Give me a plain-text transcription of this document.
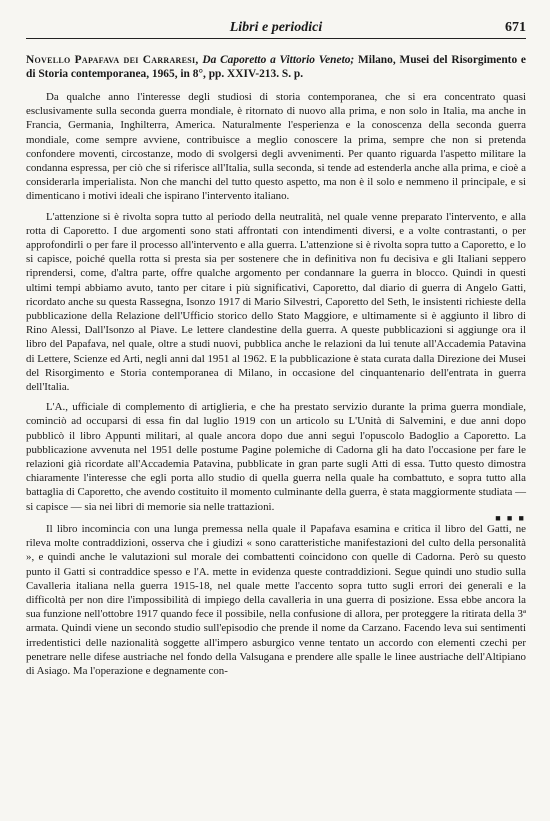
Libri e periodici	671
Novello Papafava dei Carraresi, Da Caporetto a Vittorio Veneto; Milano, Musei del Risorgimento e di Storia contemporanea, 1965, in 8°, pp. XXIV-213. S. p.

Da qualche anno l'interesse degli studiosi di storia contemporanea, che si era concentrato quasi esclusivamente sulla seconda guerra mondiale, è ritornato di nuovo alla prima, e non solo in Italia, ma anche in Francia, Germania, Inghilterra, America. Naturalmente l'esperienza e la conoscenza della seconda guerra mondiale, come sempre avviene, contribuisce a meglio conoscere la prima, sempre che non si pretenda confondere moventi, circostanze, modo di svolgersi degli avvenimenti. Per quanto riguarda l'aspetto militare la condanna espressa, per ciò che si riferisce all'Italia, sulla seconda, si tende ad estenderla anche alla prima, e cioè a considerarla imperialista. Non che manchi del tutto questo aspetto, ma non è il solo e nemmeno il principale, e si dimenticano i motivi ideali che ispirano l'intervento italiano.

L'attenzione si è rivolta sopra tutto al periodo della neutralità, nel quale venne preparato l'intervento, e alla rotta di Caporetto. I due argomenti sono stati affrontati con intendimenti diversi, e a volte contrastanti, o per approfondirli o per fare il processo all'intervento e alla guerra. L'attenzione si è rivolta sopra tutto a Caporetto, e lo si capisce, poiché quella rotta si presta sia per sostenere che in definitiva non fu decisiva e gli Italiani seppero riprendersi, come, d'altra parte, offre qualche argomento per condannare la guerra in blocco. Quindi in questi ultimi tempi abbiamo avuto, tanto per citare i più significativi, Caporetto, dal diario di guerra di Angelo Gatti, ricordato anche su questa Rassegna, Isonzo 1917 di Mario Silvestri, Caporetto del Seth, le insistenti richieste della pubblicazione della Relazione dell'Ufficio storico dello Stato Maggiore, e ultimamente si è aggiunto il libro di Rino Alessi, Dall'Isonzo al Piave. Le lettere clandestine della guerra. A queste pubblicazioni si aggiunge ora il libro del Papafava, nel quale, oltre a studi nuovi, pubblica anche le relazioni da lui tenute all'Accademia Patavina di Lettere, Scienze ed Arti, negli anni dal 1951 al 1962. E la pubblicazione è stata curata dalla Direzione dei Musei del Risorgimento e Storia contemporanea di Milano, in occasione del cinquantenario dell'entrata in guerra dell'Italia.

L'A., ufficiale di complemento di artiglieria, e che ha prestato servizio durante la prima guerra mondiale, cominciò ad occuparsi di essa fin dal luglio 1919 con un articolo su L'Unità di Salvemini, e due anni dopo pubblicò il libro Appunti militari, al quale ancora dopo due anni seguì l'opuscolo Badoglio a Caporetto. La pubblicazione avvenuta nel 1951 delle postume Pagine polemiche di Cadorna gli ha dato l'occasione per fare le relazioni già ricordate all'Accademia Patavina, pubblicate in gran parte sugli Atti di essa. Tutto questo dimostra chiaramente l'interesse che egli porta allo studio di quella guerra nella quale ha combattuto, e sopra tutto alla battaglia di Caporetto, che avendo costituito il momento culminante della guerra, è stata maggiormente studiata — si capisce — sia nei libri di memorie sia nelle trattazioni.

■ ■ ■

Il libro incomincia con una lunga premessa nella quale il Papafava esamina e critica il libro del Gatti, ne rileva molte contraddizioni, osserva che i giudizi « sono caratteristiche manifestazioni del culto della personalità », e quindi anche le valutazioni sul morale dei combattenti coincidono con quelle di Cadorna. Però su questo punto il Gatti si contraddice spesso e l'A. mette in evidenza queste contraddizioni. Segue quindi uno studio sulla Cavalleria italiana nella guerra 1915-18, nel quale mette l'accento sopra tutto sugli errori dei generali e la difficoltà per non dire l'impossibilità di impiego della cavalleria in una guerra di posizione. Essa ebbe ancora la sua funzione nell'ottobre 1917 quando fece il possibile, nella confusione di allora, per proteggere la ritirata della 3ª armata. Quindi viene un secondo studio sull'episodio che prende il nome da Carzano. Facendo leva sui sentimenti irredentistici delle nazionalità soggette all'impero asburgico venne tentato un accordo con elementi czechi per penetrare nelle difese austriache nel fondo della Valsugana e prendere alle spalle le linee austriache dell'Altipiano di Asiago. Ma l'operazione e degnamente con-
